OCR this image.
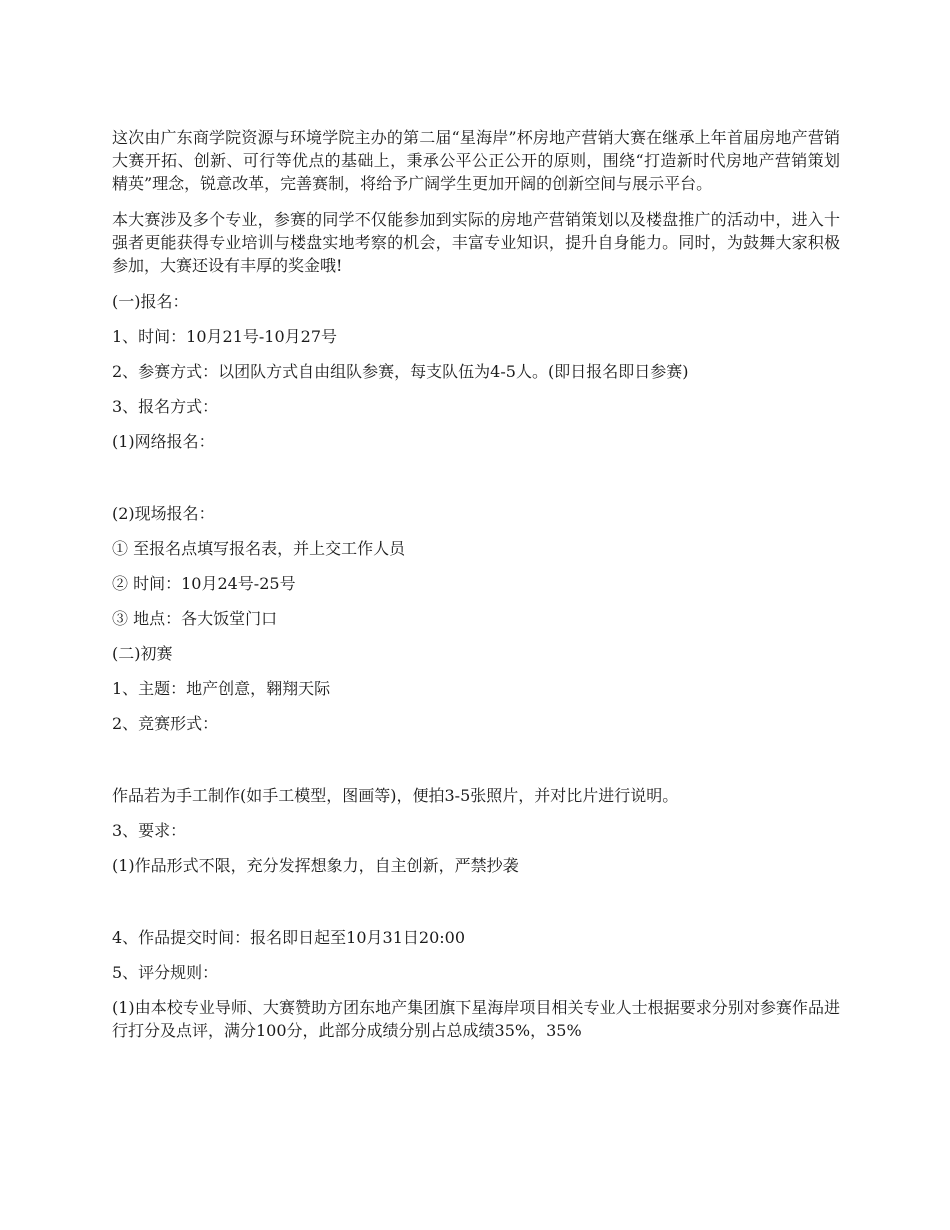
这次由广东商学院资源与环境学院主办的第二届“星海岸”杯房地产营销大赛在继承上年首届房地产营销大赛开拓、创新、可行等优点的基础上，秉承公平公正公开的原则，围绕“打造新时代房地产营销策划精英”理念，锐意改革，完善赛制，将给予广阔学生更加开阔的创新空间与展示平台。

本大赛涉及多个专业，参赛的同学不仅能参加到实际的房地产营销策划以及楼盘推广的活动中，进入十强者更能获得专业培训与楼盘实地考察的机会，丰富专业知识，提升自身能力。同时，为鼓舞大家积极参加，大赛还设有丰厚的奖金哦!

(一)报名：
1、时间：10月21号-10月27号
2、参赛方式：以团队方式自由组队参赛，每支队伍为4-5人。(即日报名即日参赛)
3、报名方式：
(1)网络报名：
(2)现场报名：
① 至报名点填写报名表，并上交工作人员
② 时间：10月24号-25号
③ 地点：各大饭堂门口
(二)初赛
1、主题：地产创意，翱翔天际
2、竞赛形式：
作品若为手工制作(如手工模型，图画等)，便拍3-5张照片，并对比片进行说明。
3、要求：
(1)作品形式不限，充分发挥想象力，自主创新，严禁抄袭
4、作品提交时间：报名即日起至10月31日20:00
5、评分规则：

(1)由本校专业导师、大赛赞助方团东地产集团旗下星海岸项目相关专业人士根据要求分别对参赛作品进行打分及点评，满分100分，此部分成绩分别占总成绩35%，35%
